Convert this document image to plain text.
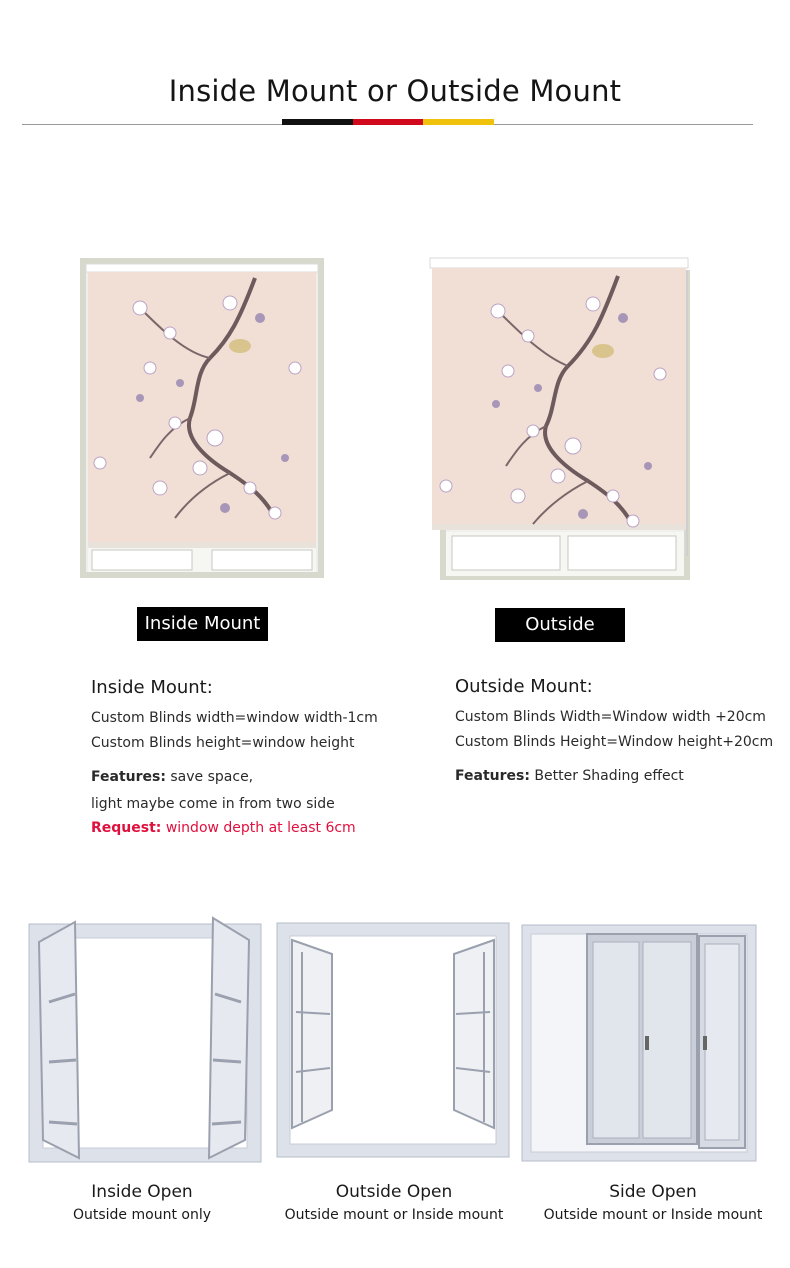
Inside Mount or Outside Mount
Inside Mount	Outside Mount
Inside Mount:
Custom Blinds width=window width-1cm
Custom Blinds height=window height
Features: save space,
light maybe come in from two side
Request: window depth at least 6cm
Outside Mount:
Custom Blinds Width=Window width +20cm
Custom Blinds Height=Window height+20cm
Features: Better Shading effect
Inside Open
Outside mount only
Outside Open
Outside mount or Inside mount
Side Open
Outside mount or Inside mount
